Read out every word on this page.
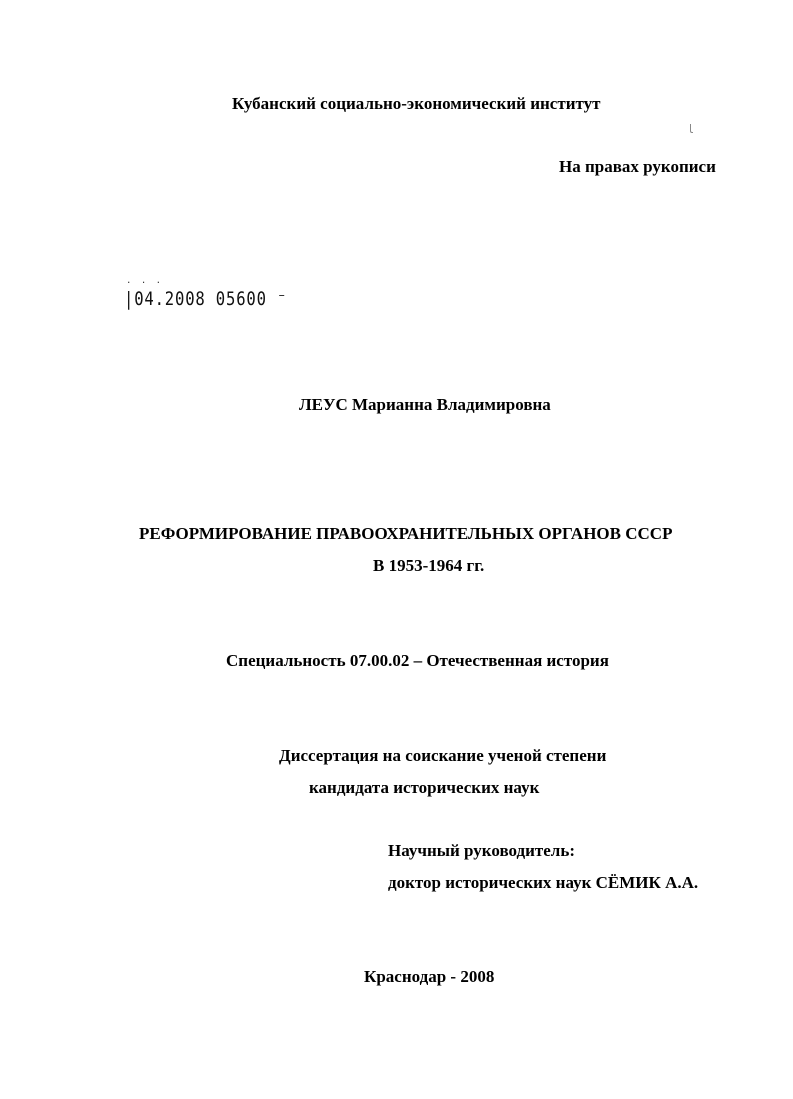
Кубанский социально-экономический институт
На правах рукописи
. . .
|04.2008 05600 ⁻
ЛЕУС Марианна Владимировна
РЕФОРМИРОВАНИЕ ПРАВООХРАНИТЕЛЬНЫХ ОРГАНОВ СССР
В 1953-1964 гг.
Специальность 07.00.02 – Отечественная история
Диссертация на соискание ученой степени
кандидата исторических наук
Научный руководитель:
доктор исторических наук СЁМИК А.А.
Краснодар - 2008
